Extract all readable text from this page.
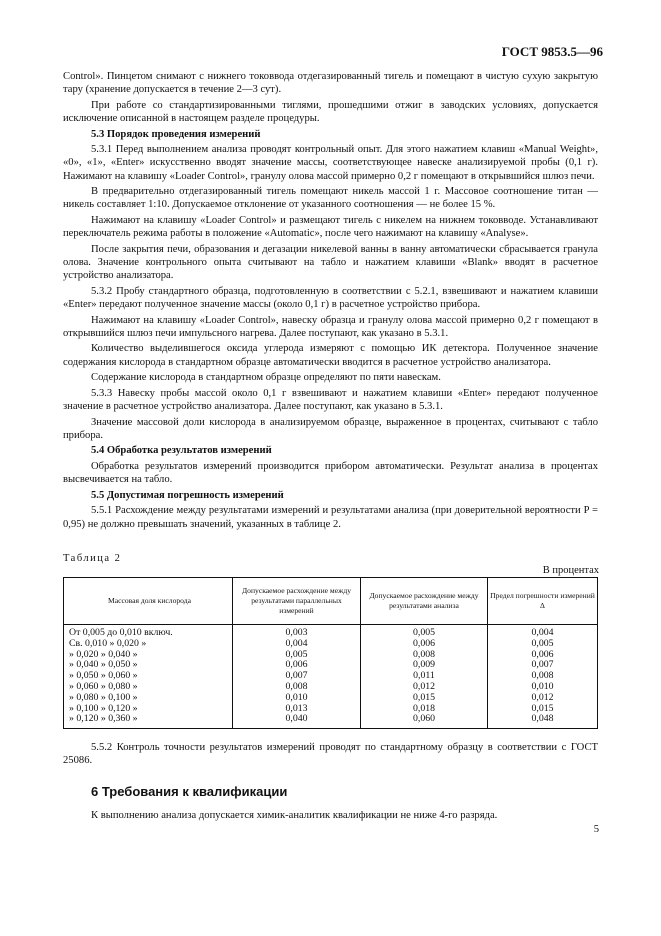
ГОСТ 9853.5—96

Control». Пинцетом снимают с нижнего токоввода отдегазированный тигель и помещают в чистую сухую закрытую тару (хранение допускается в течение 2—3 сут).

При работе со стандартизированными тиглями, прошедшими отжиг в заводских условиях, допускается исключение описанной в настоящем разделе процедуры.

5.3 Порядок проведения измерений

5.3.1 Перед выполнением анализа проводят контрольный опыт. Для этого нажатием клавиш «Manual Weight», «0», «1», «Enter» искусственно вводят значение массы, соответствующее навеске анализируемой пробы (0,1 г). Нажимают на клавишу «Loader Control», гранулу олова массой примерно 0,2 г помещают в открывшийся шлюз печи.

В предварительно отдегазированный тигель помещают никель массой 1 г. Массовое соотношение титан — никель составляет 1:10. Допускаемое отклонение от указанного соотношения — не более 15 %.

Нажимают на клавишу «Loader Control» и размещают тигель с никелем на нижнем токовводе. Устанавливают переключатель режима работы в положение «Automatic», после чего нажимают на клавишу «Analyse».

После закрытия печи, образования и дегазации никелевой ванны в ванну автоматически сбрасывается гранула олова. Значение контрольного опыта считывают на табло и нажатием клавиши «Blank» вводят в расчетное устройство анализатора.

5.3.2 Пробу стандартного образца, подготовленную в соответствии с 5.2.1, взвешивают и нажатием клавиши «Enter» передают полученное значение массы (около 0,1 г) в расчетное устройство прибора.

Нажимают на клавишу «Loader Control», навеску образца и гранулу олова массой примерно 0,2 г помещают в открывшийся шлюз печи импульсного нагрева. Далее поступают, как указано в 5.3.1.

Количество выделившегося оксида углерода измеряют с помощью ИК детектора. Полученное значение содержания кислорода в стандартном образце автоматически вводится в расчетное устройство анализатора.

Содержание кислорода в стандартном образце определяют по пяти навескам.

5.3.3 Навеску пробы массой около 0,1 г взвешивают и нажатием клавиши «Enter» передают полученное значение в расчетное устройство анализатора. Далее поступают, как указано в 5.3.1.

Значение массовой доли кислорода в анализируемом образце, выраженное в процентах, считывают с табло прибора.

5.4 Обработка результатов измерений

Обработка результатов измерений производится прибором автоматически. Результат анализа в процентах высвечивается на табло.

5.5 Допустимая погрешность измерений

5.5.1 Расхождение между результатами измерений и результатами анализа (при доверительной вероятности P = 0,95) не должно превышать значений, указанных в таблице 2.

Таблица 2
В процентах
Массовая доля кислорода	Допускаемое расхождение между результатами параллельных измерений	Допускаемое расхождение между результатами анализа	Предел погрешности измерений Δ
От 0,005 до 0,010 включ.	0,003	0,005	0,004
Св. 0,010 » 0,020 »	0,004	0,006	0,005
» 0,020 » 0,040 »	0,005	0,008	0,006
» 0,040 » 0,050 »	0,006	0,009	0,007
» 0,050 » 0,060 »	0,007	0,011	0,008
» 0,060 » 0,080 »	0,008	0,012	0,010
» 0,080 » 0,100 »	0,010	0,015	0,012
» 0,100 » 0,120 »	0,013	0,018	0,015
» 0,120 » 0,360 »	0,040	0,060	0,048

5.5.2 Контроль точности результатов измерений проводят по стандартному образцу в соответствии с ГОСТ 25086.

6 Требования к квалификации
К выполнению анализа допускается химик-аналитик квалификации не ниже 4-го разряда.
5
